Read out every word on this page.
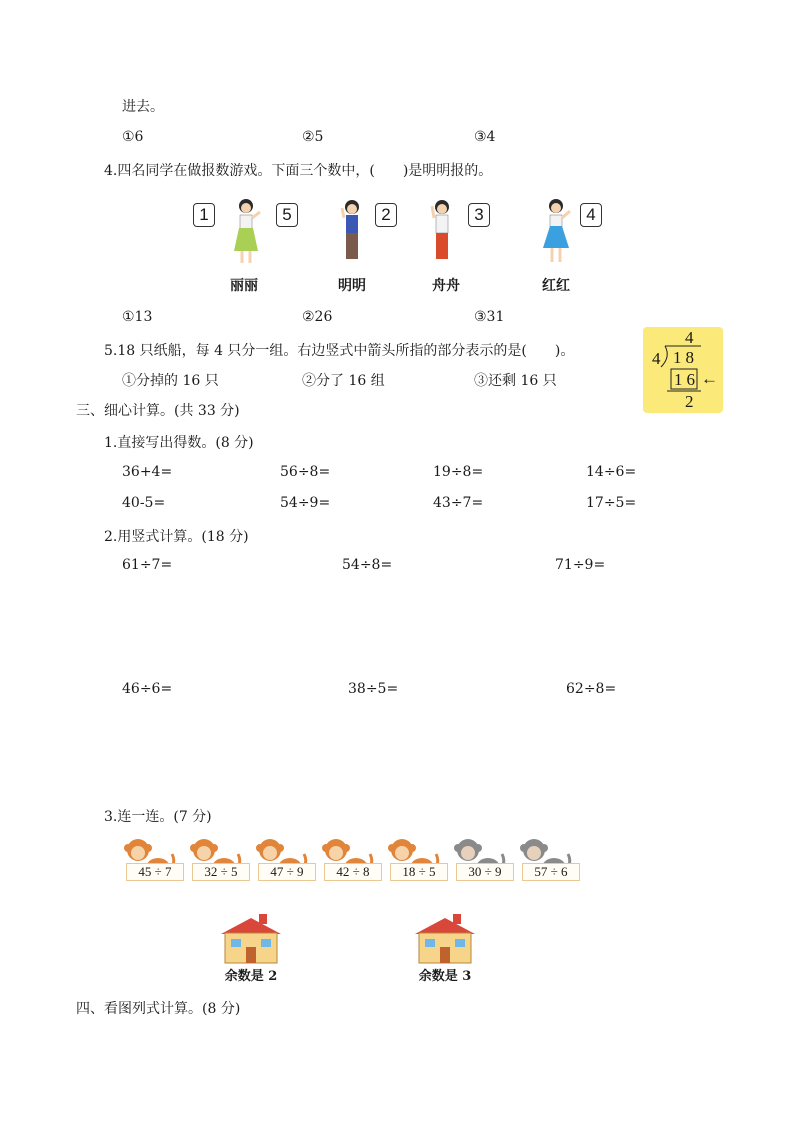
进去。
①6	②5	③4
4.四名同学在做报数游戏。下面三个数中，(　　)是明明报的。
1	5
丽丽
2
明明
3
舟舟
4
红红
①13	②26	③31
5.18 只纸船，每 4 只分一组。右边竖式中箭头所指的部分表示的是(　　)。
①分掉的 16 只	②分了 16 组	③还剩 16 只
4
4 18
16 ←
2
三、细心计算。(共 33 分)
1.直接写出得数。(8 分)
36+4=	56÷8=	19÷8=	14÷6=
40-5=	54÷9=	43÷7=	17÷5=
2.用竖式计算。(18 分)
61÷7=	54÷8=	71÷9=
46÷6=	38÷5=	62÷8=
3.连一连。(7 分)
45 ÷ 7	32 ÷ 5	47 ÷ 9	42 ÷ 8	18 ÷ 5	30 ÷ 9	57 ÷ 6
余数是 2	余数是 3
四、看图列式计算。(8 分)
